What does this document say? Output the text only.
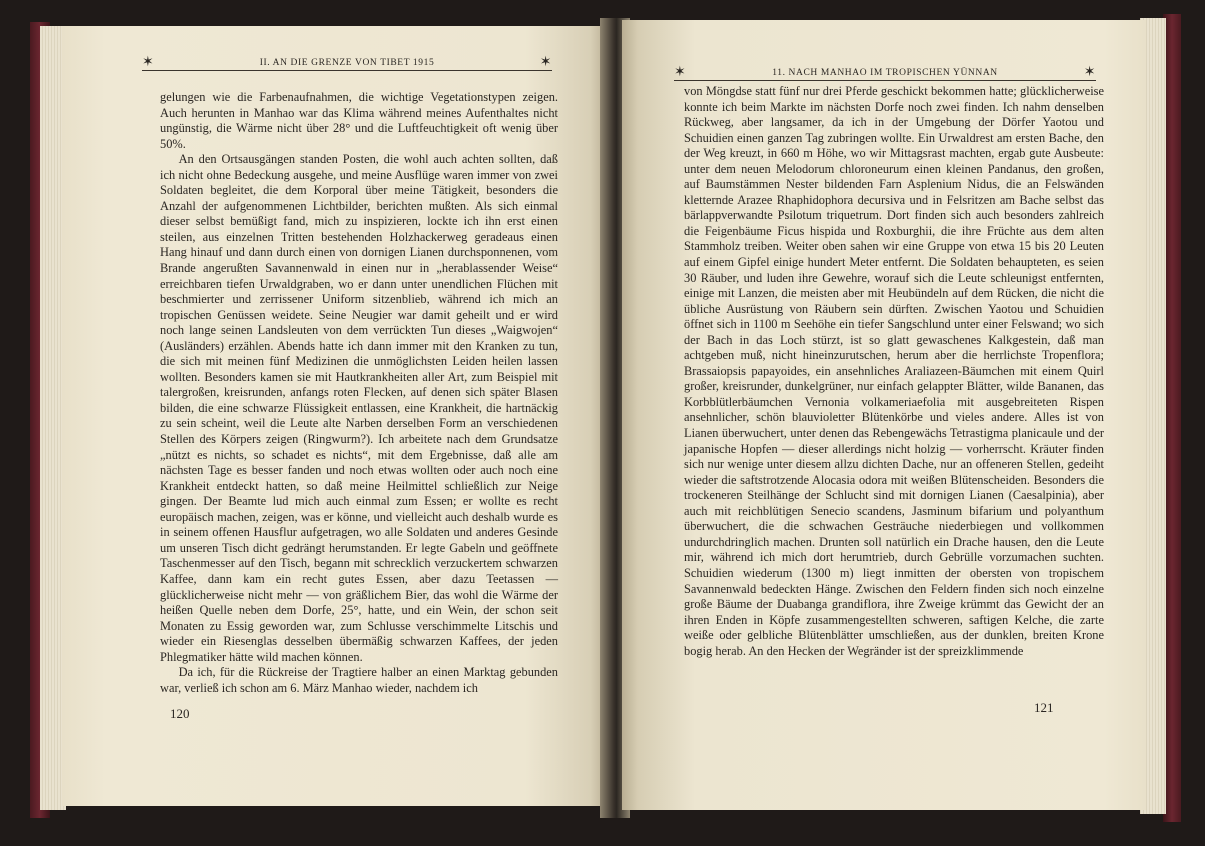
✶	II. AN DIE GRENZE VON TIBET 1915	✶

gelungen wie die Farbenaufnahmen, die wichtige Vegetationstypen zeigen. Auch herunten in Manhao war das Klima während meines Aufenthaltes nicht ungünstig, die Wärme nicht über 28° und die Luftfeuchtigkeit oft wenig über 50%.

An den Ortsausgängen standen Posten, die wohl auch achten sollten, daß ich nicht ohne Bedeckung ausgehe, und meine Ausflüge waren immer von zwei Soldaten begleitet, die dem Korporal über meine Tätigkeit, besonders die Anzahl der aufgenommenen Lichtbilder, berichten mußten. Als sich einmal dieser selbst bemüßigt fand, mich zu inspizieren, lockte ich ihn erst einen steilen, aus einzelnen Tritten bestehenden Holzhackerweg geradeaus einen Hang hinauf und dann durch einen von dornigen Lianen durchsponnenen, vom Brande angerußten Savannenwald in einen nur in „herablassender Weise“ erreichbaren tiefen Urwaldgraben, wo er dann unter unendlichen Flüchen mit beschmierter und zerrissener Uniform sitzenblieb, während ich mich an tropischen Genüssen weidete. Seine Neugier war damit geheilt und er wird noch lange seinen Landsleuten von dem verrückten Tun dieses „Waigwojen“ (Ausländers) erzählen. Abends hatte ich dann immer mit den Kranken zu tun, die sich mit meinen fünf Medizinen die unmöglichsten Leiden heilen lassen wollten. Besonders kamen sie mit Hautkrankheiten aller Art, zum Beispiel mit talergroßen, kreisrunden, anfangs roten Flecken, auf denen sich später Blasen bilden, die eine schwarze Flüssigkeit entlassen, eine Krankheit, die hartnäckig zu sein scheint, weil die Leute alte Narben derselben Form an verschiedenen Stellen des Körpers zeigen (Ringwurm?). Ich arbeitete nach dem Grundsatze „nützt es nichts, so schadet es nichts“, mit dem Ergebnisse, daß alle am nächsten Tage es besser fanden und noch etwas wollten oder auch noch eine Krankheit entdeckt hatten, so daß meine Heilmittel schließlich zur Neige gingen. Der Beamte lud mich auch einmal zum Essen; er wollte es recht europäisch machen, zeigen, was er könne, und vielleicht auch deshalb wurde es in seinem offenen Hausflur aufgetragen, wo alle Soldaten und anderes Gesinde um unseren Tisch dicht gedrängt herumstanden. Er legte Gabeln und geöffnete Taschenmesser auf den Tisch, begann mit schrecklich verzuckertem schwarzen Kaffee, dann kam ein recht gutes Essen, aber dazu Teetassen — glücklicherweise nicht mehr — von gräßlichem Bier, das wohl die Wärme der heißen Quelle neben dem Dorfe, 25°, hatte, und ein Wein, der schon seit Monaten zu Essig geworden war, zum Schlusse verschimmelte Litschis und wieder ein Riesenglas desselben übermäßig schwarzen Kaffees, der jeden Phlegmatiker hätte wild machen können.

Da ich, für die Rückreise der Tragtiere halber an einen Marktag gebunden war, verließ ich schon am 6. März Manhao wieder, nachdem ich

120
✶	11. NACH MANHAO IM TROPISCHEN YÜNNAN	✶

von Möngdse statt fünf nur drei Pferde geschickt bekommen hatte; glücklicherweise konnte ich beim Markte im nächsten Dorfe noch zwei finden. Ich nahm denselben Rückweg, aber langsamer, da ich in der Umgebung der Dörfer Yaotou und Schuidien einen ganzen Tag zubringen wollte. Ein Urwaldrest am ersten Bache, den der Weg kreuzt, in 660 m Höhe, wo wir Mittagsrast machten, ergab gute Ausbeute: unter dem neuen Melodorum chloroneurum einen kleinen Pandanus, den großen, auf Baumstämmen Nester bildenden Farn Asplenium Nidus, die an Felswänden kletternde Arazee Rhaphidophora decursiva und in Felsritzen am Bache selbst das bärlappverwandte Psilotum triquetrum. Dort finden sich auch besonders zahlreich die Feigenbäume Ficus hispida und Roxburghii, die ihre Früchte aus dem alten Stammholz treiben. Weiter oben sahen wir eine Gruppe von etwa 15 bis 20 Leuten auf einem Gipfel einige hundert Meter entfernt. Die Soldaten behaupteten, es seien 30 Räuber, und luden ihre Gewehre, worauf sich die Leute schleunigst entfernten, einige mit Lanzen, die meisten aber mit Heubündeln auf dem Rücken, die nicht die übliche Ausrüstung von Räubern sein dürften. Zwischen Yaotou und Schuidien öffnet sich in 1100 m Seehöhe ein tiefer Sangschlund unter einer Felswand; wo sich der Bach in das Loch stürzt, ist so glatt gewaschenes Kalkgestein, daß man achtgeben muß, nicht hineinzurutschen, herum aber die herrlichste Tropenflora; Brassaiopsis papayoides, ein ansehnliches Araliazeen-Bäumchen mit einem Quirl großer, kreisrunder, dunkelgrüner, nur einfach gelappter Blätter, wilde Bananen, das Korbblütlerbäumchen Vernonia volkameriaefolia mit ausgebreiteten Rispen ansehnlicher, schön blauvioletter Blütenkörbe und vieles andere. Alles ist von Lianen überwuchert, unter denen das Rebengewächs Tetrastigma planicaule und der japanische Hopfen — dieser allerdings nicht holzig — vorherrscht. Kräuter finden sich nur wenige unter diesem allzu dichten Dache, nur an offeneren Stellen, gedeiht wieder die saftstrotzende Alocasia odora mit weißen Blütenscheiden. Besonders die trockeneren Steilhänge der Schlucht sind mit dornigen Lianen (Caesalpinia), aber auch mit reichblütigen Senecio scandens, Jasminum bifarium und polyanthum überwuchert, die die schwachen Gesträuche niederbiegen und vollkommen undurchdringlich machen. Drunten soll natürlich ein Drache hausen, den die Leute mir, während ich mich dort herumtrieb, durch Gebrülle vorzumachen suchten. Schuidien wiederum (1300 m) liegt inmitten der obersten von tropischem Savannenwald bedeckten Hänge. Zwischen den Feldern finden sich noch einzelne große Bäume der Duabanga grandiflora, ihre Zweige krümmt das Gewicht der an ihren Enden in Köpfe zusammengestellten schweren, saftigen Kelche, die zarte weiße oder gelbliche Blütenblätter umschließen, aus der dunklen, breiten Krone bogig herab. An den Hecken der Wegränder ist der spreizklimmende

121
